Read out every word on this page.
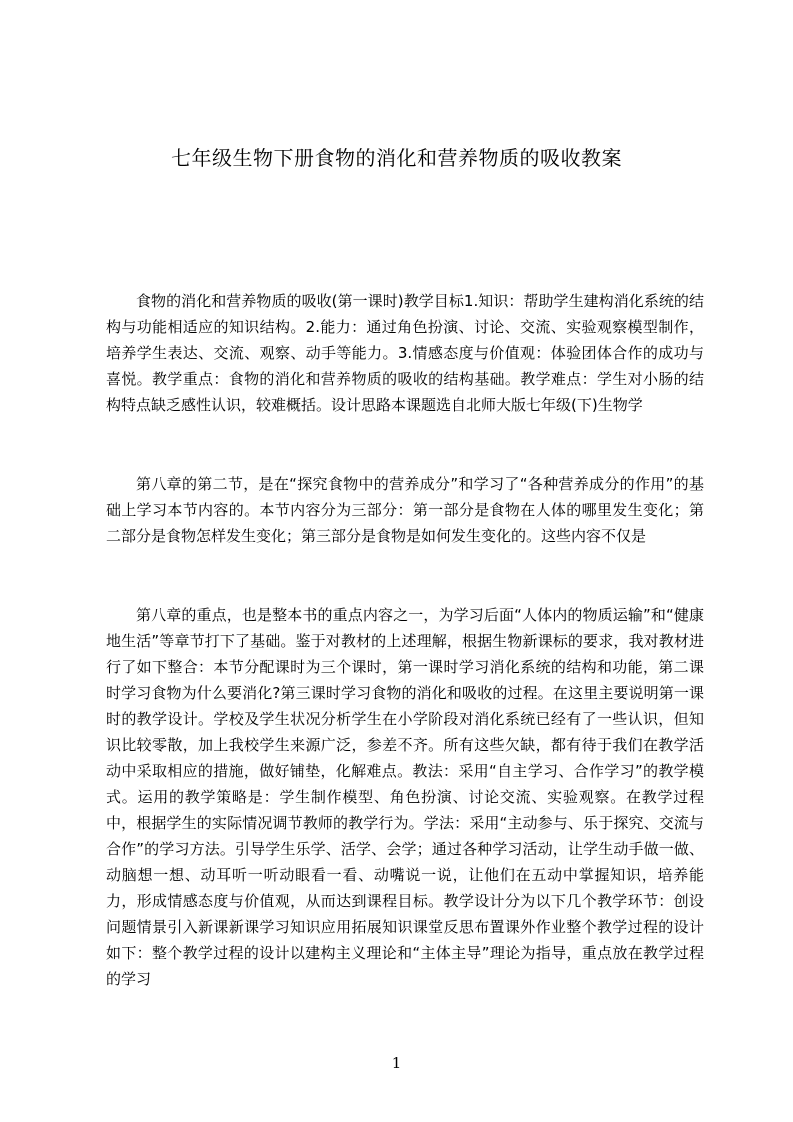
七年级生物下册食物的消化和营养物质的吸收教案

食物的消化和营养物质的吸收(第一课时)教学目标1.知识：帮助学生建构消化系统的结构与功能相适应的知识结构。2.能力：通过角色扮演、讨论、交流、实验观察模型制作，培养学生表达、交流、观察、动手等能力。3.情感态度与价值观：体验团体合作的成功与喜悦。教学重点：食物的消化和营养物质的吸收的结构基础。教学难点：学生对小肠的结构特点缺乏感性认识，较难概括。设计思路本课题选自北师大版七年级(下)生物学

第八章的第二节，是在“探究食物中的营养成分”和学习了“各种营养成分的作用”的基础上学习本节内容的。本节内容分为三部分：第一部分是食物在人体的哪里发生变化；第二部分是食物怎样发生变化；第三部分是食物是如何发生变化的。这些内容不仅是

第八章的重点，也是整本书的重点内容之一，为学习后面“人体内的物质运输”和“健康地生活”等章节打下了基础。鉴于对教材的上述理解，根据生物新课标的要求，我对教材进行了如下整合：本节分配课时为三个课时，第一课时学习消化系统的结构和功能，第二课时学习食物为什么要消化?第三课时学习食物的消化和吸收的过程。在这里主要说明第一课时的教学设计。学校及学生状况分析学生在小学阶段对消化系统已经有了一些认识，但知识比较零散，加上我校学生来源广泛，参差不齐。所有这些欠缺，都有待于我们在教学活动中采取相应的措施，做好铺垫，化解难点。教法：采用“自主学习、合作学习”的教学模式。运用的教学策略是：学生制作模型、角色扮演、讨论交流、实验观察。在教学过程中，根据学生的实际情况调节教师的教学行为。学法：采用“主动参与、乐于探究、交流与合作”的学习方法。引导学生乐学、活学、会学；通过各种学习活动，让学生动手做一做、动脑想一想、动耳听一听动眼看一看、动嘴说一说，让他们在五动中掌握知识，培养能力，形成情感态度与价值观，从而达到课程目标。教学设计分为以下几个教学环节：创设问题情景引入新课新课学习知识应用拓展知识课堂反思布置课外作业整个教学过程的设计如下：整个教学过程的设计以建构主义理论和“主体主导”理论为指导，重点放在教学过程的学习

1
